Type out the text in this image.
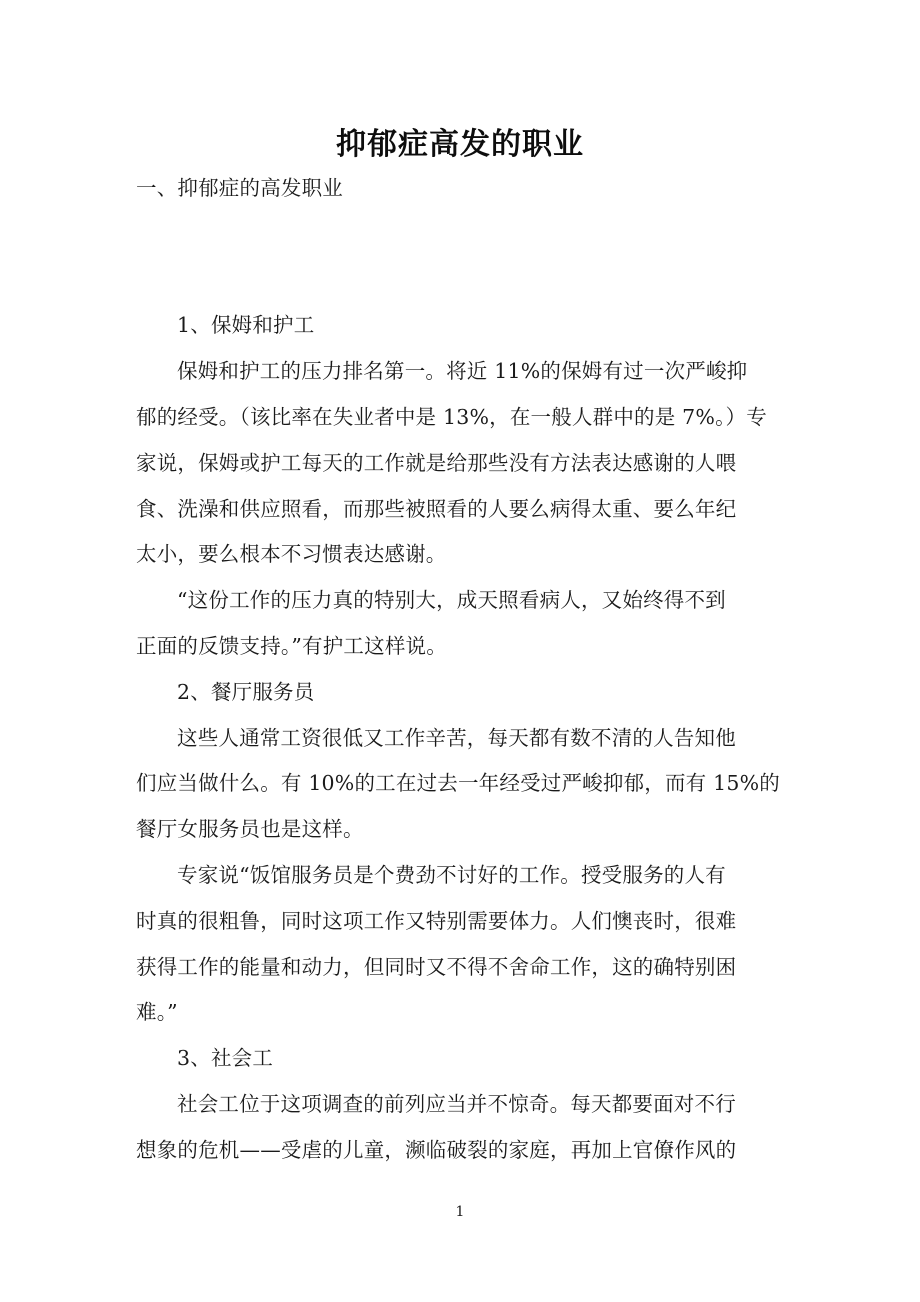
抑郁症高发的职业
一、抑郁症的高发职业
1、保姆和护工
保姆和护工的压力排名第一。将近 11%的保姆有过一次严峻抑
郁的经受。（该比率在失业者中是 13%，在一般人群中的是 7%。）专
家说，保姆或护工每天的工作就是给那些没有方法表达感谢的人喂
食、洗澡和供应照看，而那些被照看的人要么病得太重、要么年纪
太小，要么根本不习惯表达感谢。
“这份工作的压力真的特别大，成天照看病人，又始终得不到
正面的反馈支持。”有护工这样说。
2、餐厅服务员
这些人通常工资很低又工作辛苦，每天都有数不清的人告知他
们应当做什么。有 10%的工在过去一年经受过严峻抑郁，而有 15%的
餐厅女服务员也是这样。
专家说“饭馆服务员是个费劲不讨好的工作。授受服务的人有
时真的很粗鲁，同时这项工作又特别需要体力。人们懊丧时，很难
获得工作的能量和动力，但同时又不得不舍命工作，这的确特别困
难。”
3、社会工
社会工位于这项调查的前列应当并不惊奇。每天都要面对不行
想象的危机——受虐的儿童，濒临破裂的家庭，再加上官僚作风的
1
